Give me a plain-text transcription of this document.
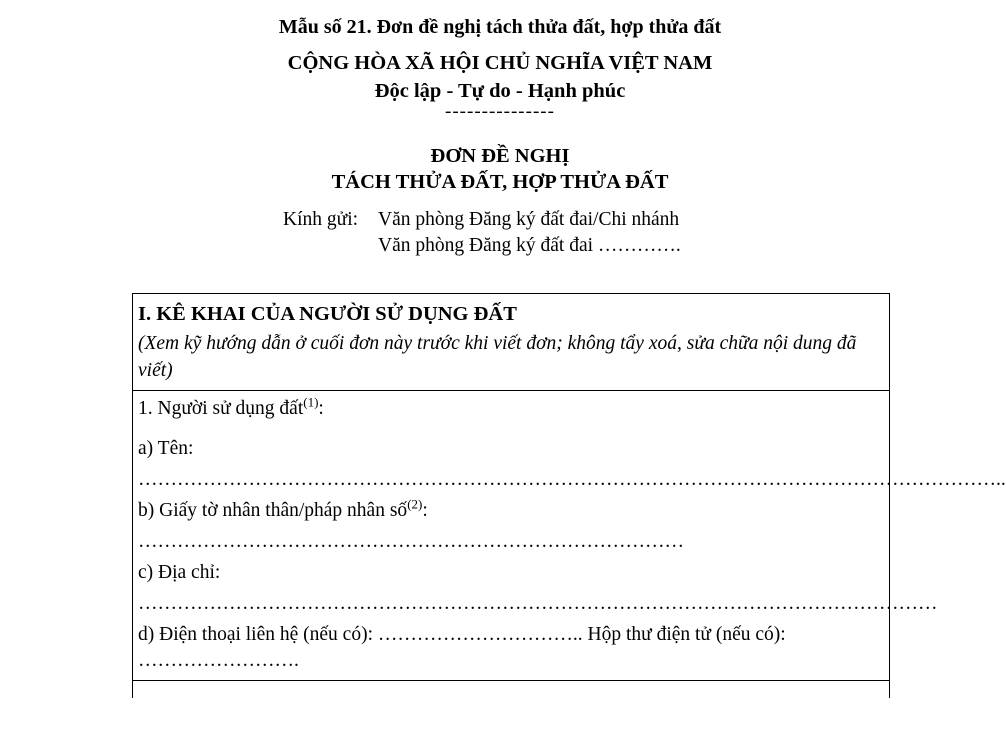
Mẫu số 21. Đơn đề nghị tách thửa đất, hợp thửa đất
CỘNG HÒA XÃ HỘI CHỦ NGHĨA VIỆT NAM
Độc lập - Tự do - Hạnh phúc
---------------
ĐƠN ĐỀ NGHỊ
TÁCH THỬA ĐẤT, HỢP THỬA ĐẤT
Kính gửi: Văn phòng Đăng ký đất đai/Chi nhánh
Văn phòng Đăng ký đất đai ………….
I. KÊ KHAI CỦA NGƯỜI SỬ DỤNG ĐẤT
(Xem kỹ hướng dẫn ở cuối đơn này trước khi viết đơn; không tẩy xoá, sửa chữa nội dung đã viết)

1. Người sử dụng đất$^{(1)}$:

a) Tên:

……………………………………………………………………………………………………………………..

b) Giấy tờ nhân thân/pháp nhân số$^{(2)}$:

…………………………………………………………………………

c) Địa chỉ:

……………………………………………………………………………………………………………

d) Điện thoại liên hệ (nếu có): ………………………….. Hộp thư điện tử (nếu có): …………………….
